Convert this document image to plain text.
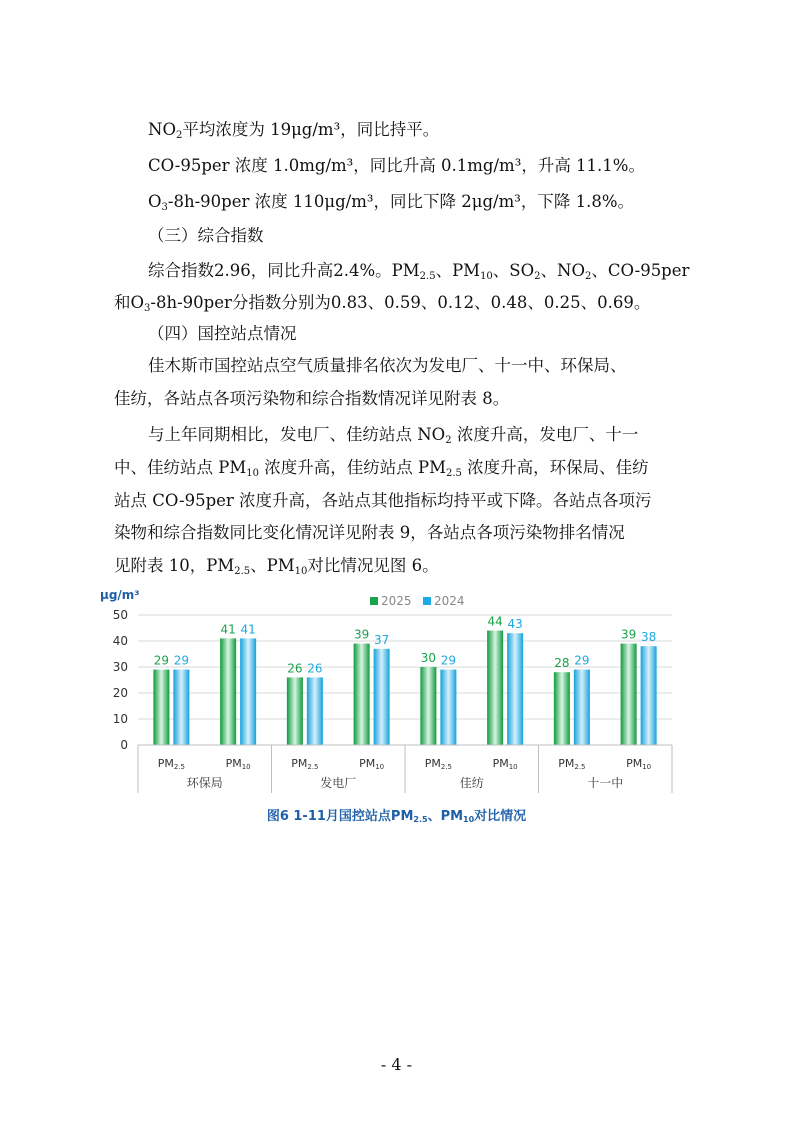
$NO_2$平均浓度为 19μg/m³，同比持平。
CO-95per 浓度 1.0mg/m³，同比升高 0.1mg/m³，升高 11.1%。
$O_3-8h-90per$ 浓度 110μg/m³，同比下降 2μg/m³，下降 1.8%。
（三）综合指数
综合指数2.96，同比升高2.4%。$PM_{2.5}$、$PM_{10}$、$SO_2$、$NO_2$、CO-95per
和$O_3-8h-90per$分指数分别为0.83、0.59、0.12、0.48、0.25、0.69。
（四）国控站点情况
佳木斯市国控站点空气质量排名依次为发电厂、十一中、环保局、
佳纺，各站点各项污染物和综合指数情况详见附表 8。
与上年同期相比，发电厂、佳纺站点 $NO_2$ 浓度升高，发电厂、十一
中、佳纺站点 $PM_{10}$ 浓度升高，佳纺站点 $PM_{2.5}$ 浓度升高，环保局、佳纺
站点 CO-95per 浓度升高，各站点其他指标均持平或下降。各站点各项污
染物和综合指数同比变化情况详见附表 9，各站点各项污染物排名情况
见附表 10，$PM_{2.5}$、$PM_{10}$对比情况见图 6。
μg/m³
0
10
20
30
40
50
2025 2024
29 29
41 41
26 26
39 37
30 29
44 43
28 29
39 38
PM2.5	PM10	PM2.5	PM10	PM2.5	PM10	PM2.5	PM10
环保局	发电厂	佳纺	十一中
图6 1-11月国控站点$PM_{2.5}$、$PM_{10}$对比情况
- 4 -
